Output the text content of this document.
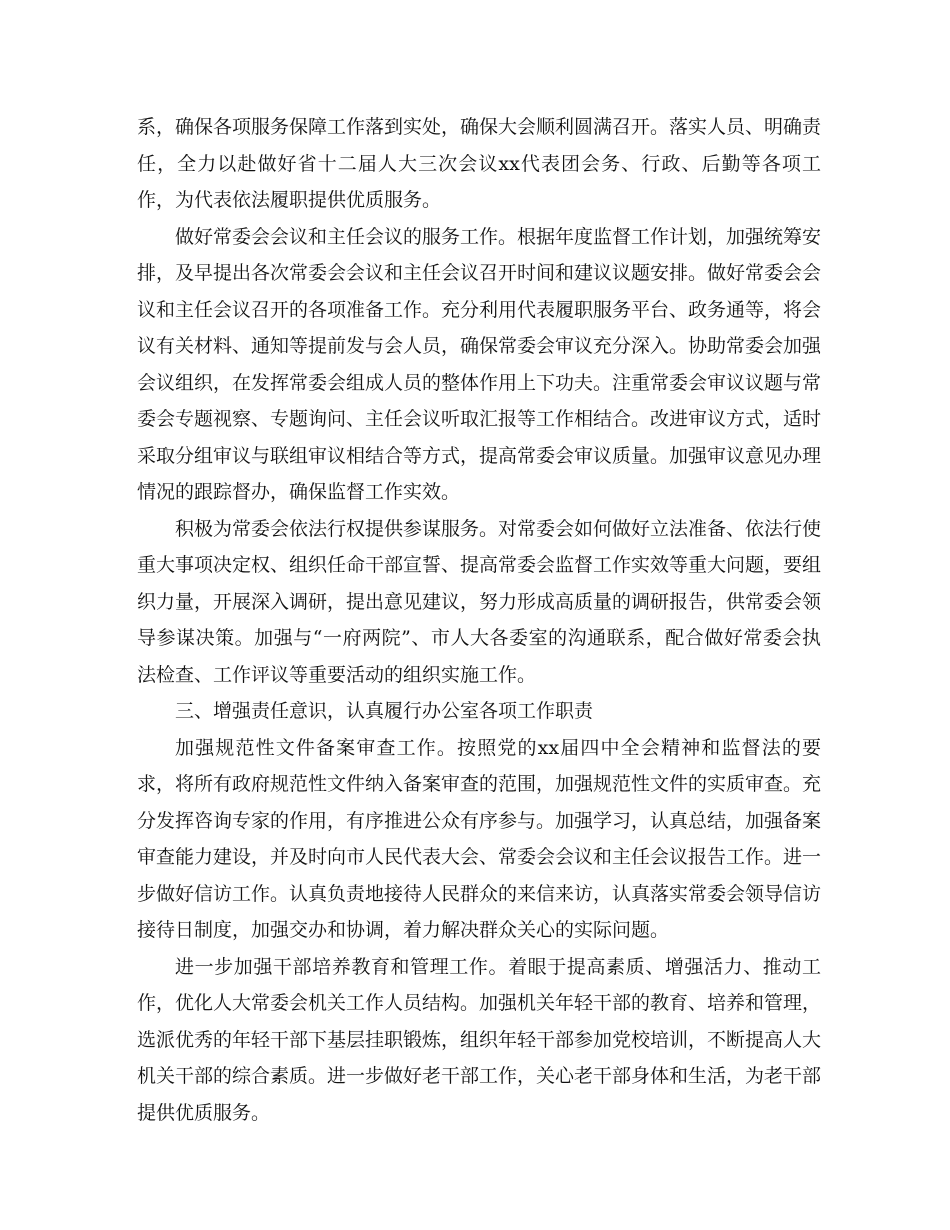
系，确保各项服务保障工作落到实处，确保大会顺利圆满召开。落实人员、明确责任，全力以赴做好省十二届人大三次会议xx代表团会务、行政、后勤等各项工作，为代表依法履职提供优质服务。

做好常委会会议和主任会议的服务工作。根据年度监督工作计划，加强统筹安排，及早提出各次常委会会议和主任会议召开时间和建议议题安排。做好常委会会议和主任会议召开的各项准备工作。充分利用代表履职服务平台、政务通等，将会议有关材料、通知等提前发与会人员，确保常委会审议充分深入。协助常委会加强会议组织，在发挥常委会组成人员的整体作用上下功夫。注重常委会审议议题与常委会专题视察、专题询问、主任会议听取汇报等工作相结合。改进审议方式，适时采取分组审议与联组审议相结合等方式，提高常委会审议质量。加强审议意见办理情况的跟踪督办，确保监督工作实效。

积极为常委会依法行权提供参谋服务。对常委会如何做好立法准备、依法行使重大事项决定权、组织任命干部宣誓、提高常委会监督工作实效等重大问题，要组织力量，开展深入调研，提出意见建议，努力形成高质量的调研报告，供常委会领导参谋决策。加强与“一府两院”、市人大各委室的沟通联系，配合做好常委会执法检查、工作评议等重要活动的组织实施工作。

三、增强责任意识，认真履行办公室各项工作职责

加强规范性文件备案审查工作。按照党的xx届四中全会精神和监督法的要求，将所有政府规范性文件纳入备案审查的范围，加强规范性文件的实质审查。充分发挥咨询专家的作用，有序推进公众有序参与。加强学习，认真总结，加强备案审查能力建设，并及时向市人民代表大会、常委会会议和主任会议报告工作。进一步做好信访工作。认真负责地接待人民群众的来信来访，认真落实常委会领导信访接待日制度，加强交办和协调，着力解决群众关心的实际问题。

进一步加强干部培养教育和管理工作。着眼于提高素质、增强活力、推动工作，优化人大常委会机关工作人员结构。加强机关年轻干部的教育、培养和管理，选派优秀的年轻干部下基层挂职锻炼，组织年轻干部参加党校培训，不断提高人大机关干部的综合素质。进一步做好老干部工作，关心老干部身体和生活，为老干部提供优质服务。
